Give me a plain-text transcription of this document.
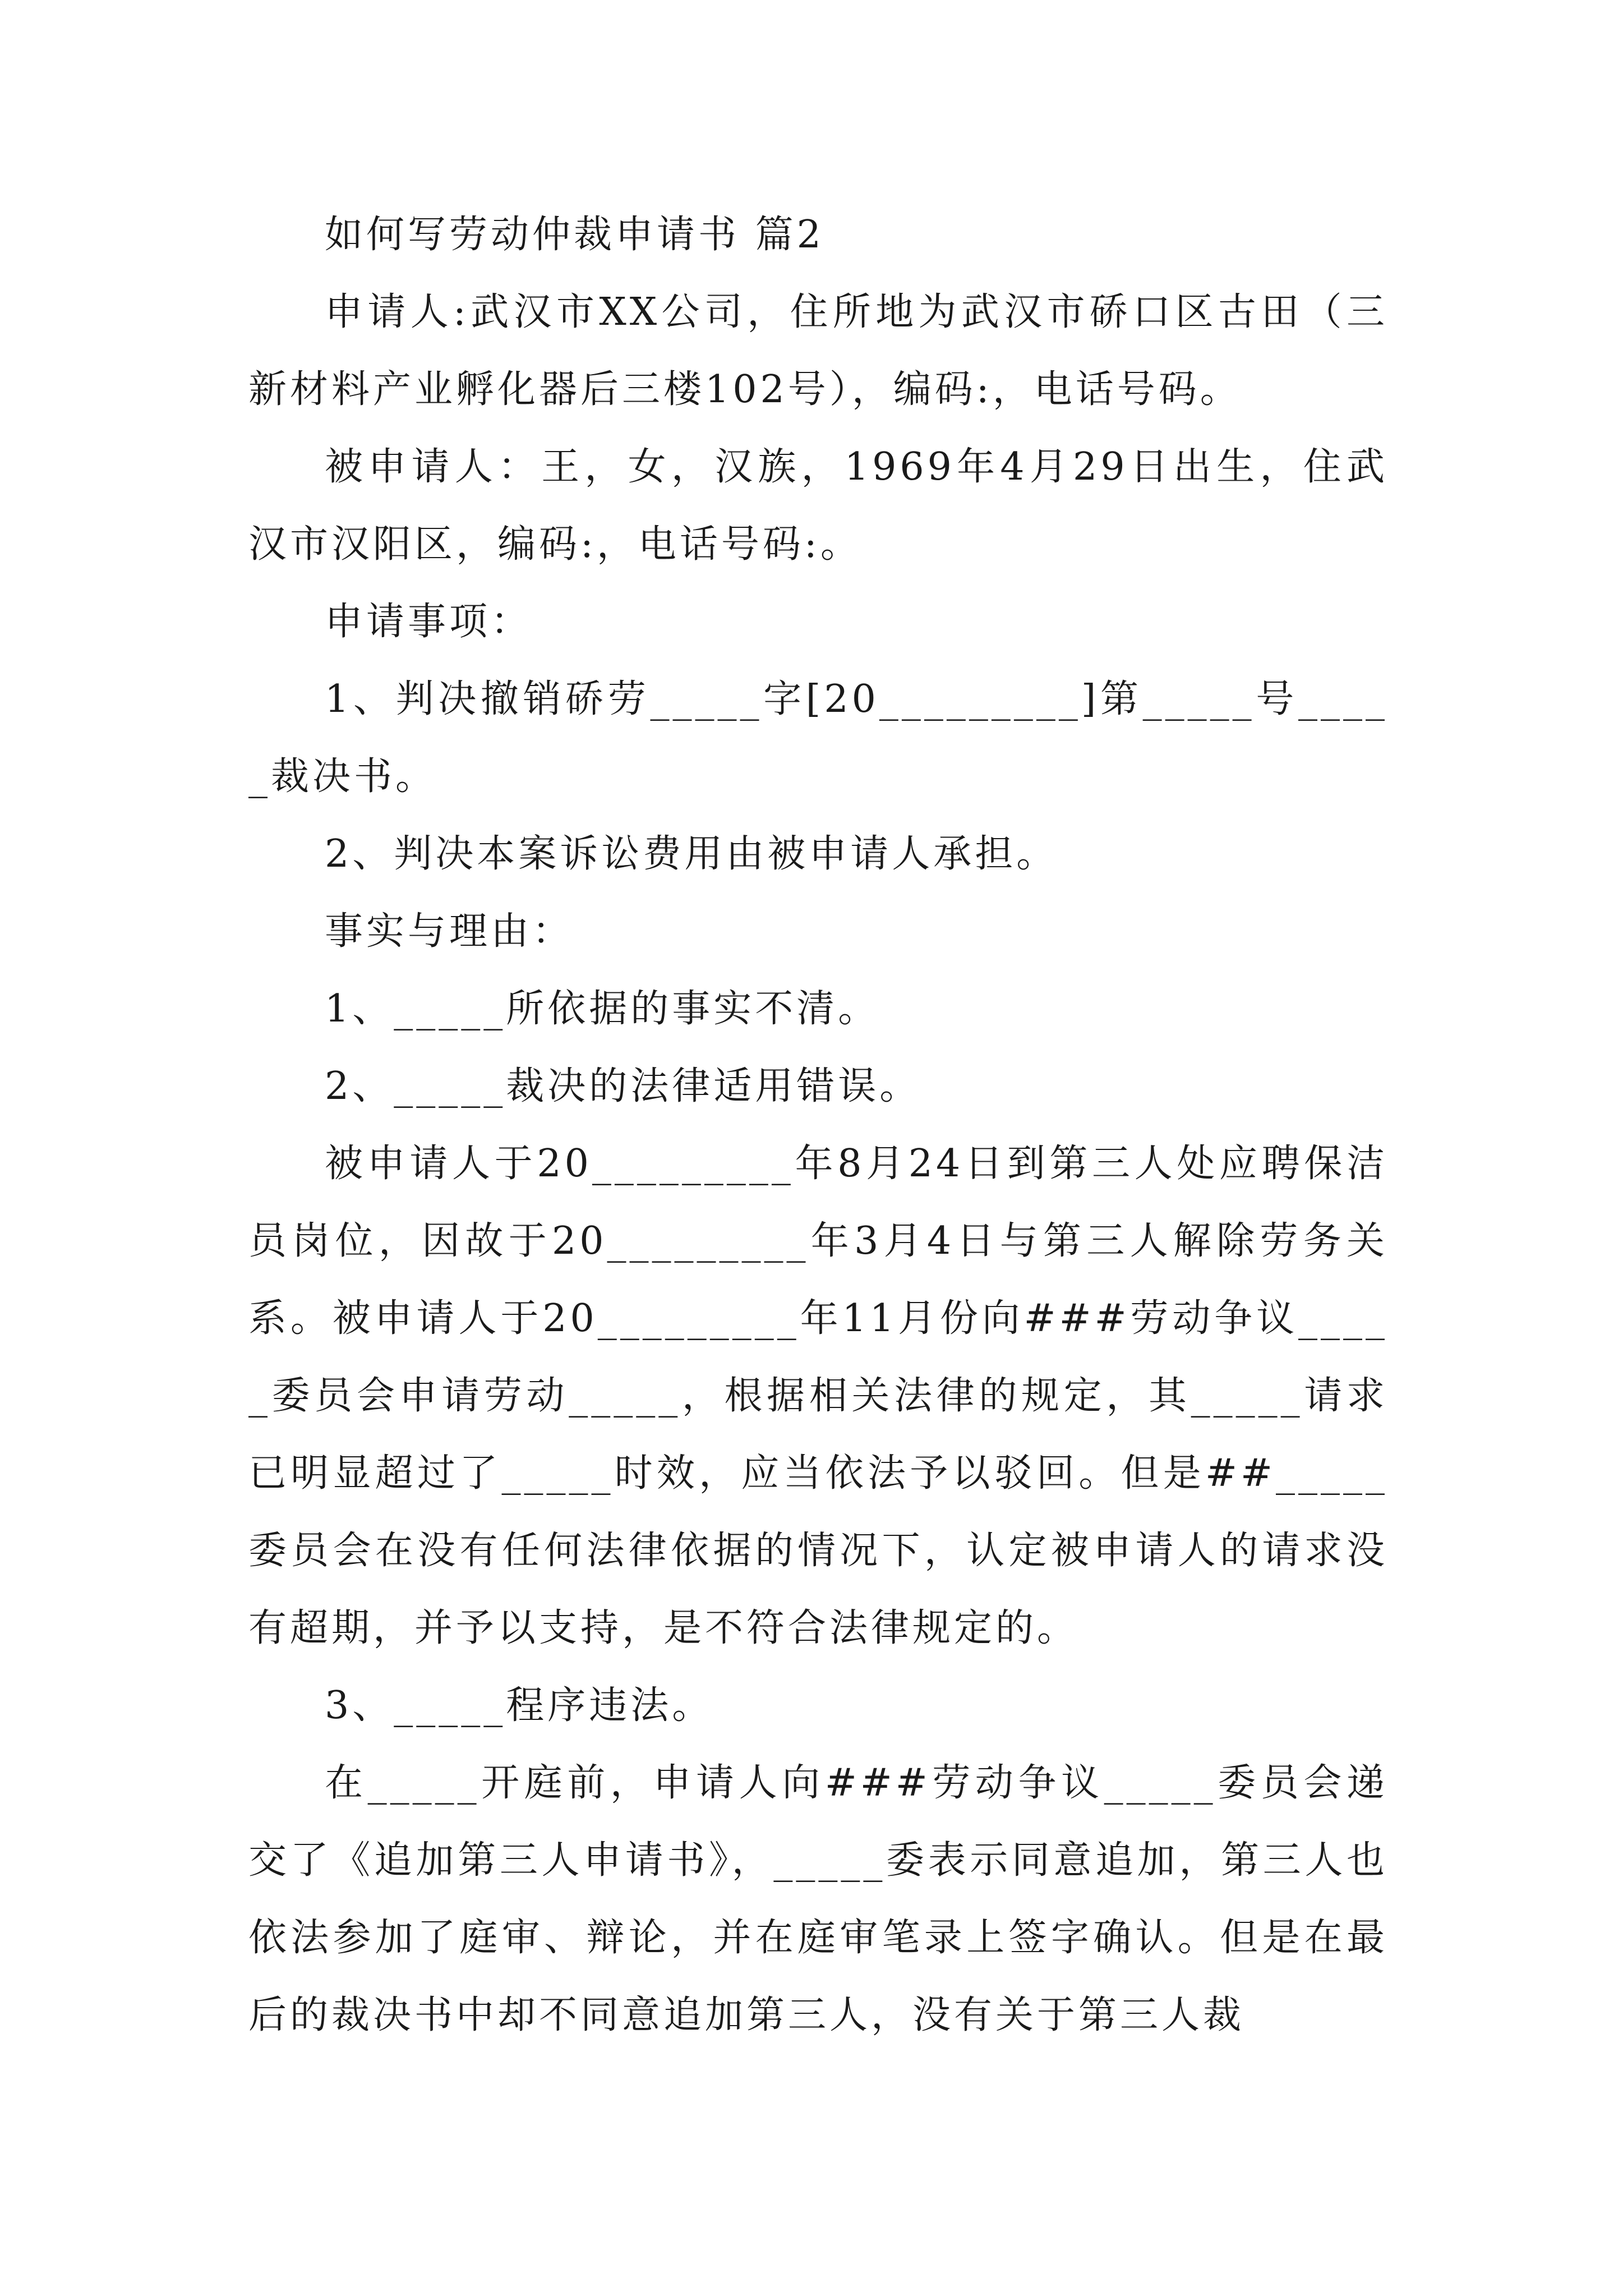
如何写劳动仲裁申请书 篇2

申请人:武汉市XX公司，住所地为武汉市硚口区古田（三新材料产业孵化器后三楼102号），编码:，电话号码。

被申请人：王，女，汉族，1969年4月29日出生，住武汉市汉阳区，编码:，电话号码:。

申请事项：

1、判决撤销硚劳_____字[20_________]第_____号_____裁决书。

2、判决本案诉讼费用由被申请人承担。

事实与理由：

1、_____所依据的事实不清。

2、_____裁决的法律适用错误。

被申请人于20_________年8月24日到第三人处应聘保洁员岗位，因故于20_________年3月4日与第三人解除劳务关系。被申请人于20_________年11月份向###劳动争议_____委员会申请劳动_____，根据相关法律的规定，其_____请求已明显超过了_____时效，应当依法予以驳回。但是##_____委员会在没有任何法律依据的情况下，认定被申请人的请求没有超期，并予以支持，是不符合法律规定的。

3、_____程序违法。

在_____开庭前，申请人向###劳动争议_____委员会递交了《追加第三人申请书》，_____委表示同意追加，第三人也依法参加了庭审、辩论，并在庭审笔录上签字确认。但是在最后的裁决书中却不同意追加第三人，没有关于第三人裁
